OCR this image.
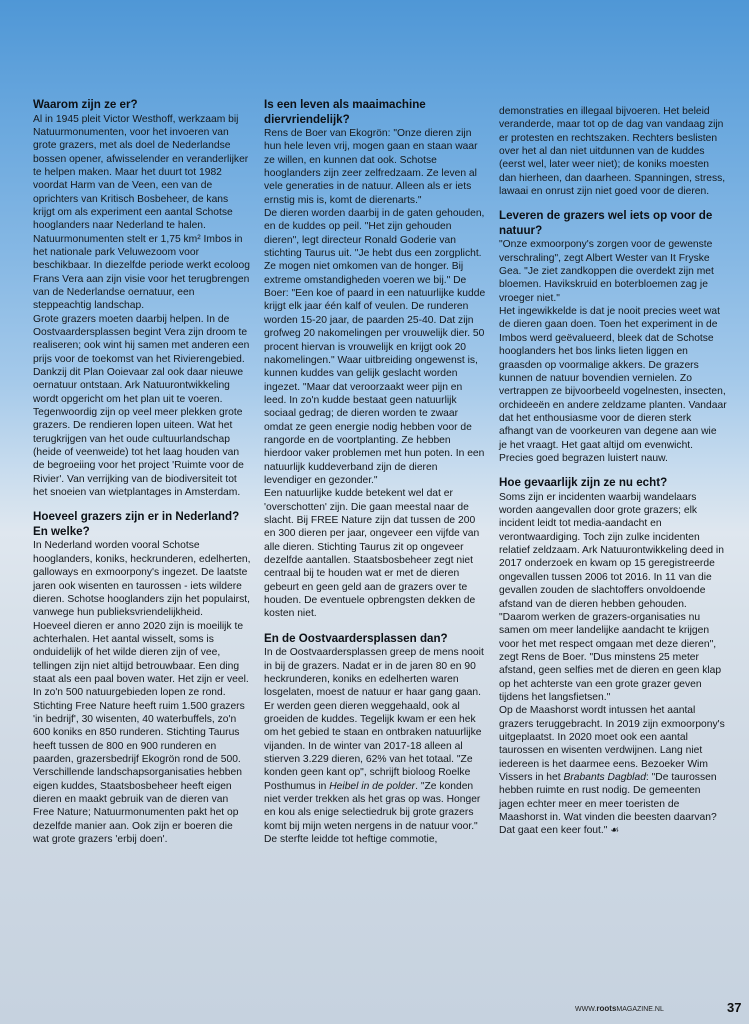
Waarom zijn ze er?

Al in 1945 pleit Victor Westhoff, werkzaam bij Natuurmonumenten, voor het invoeren van grote grazers, met als doel de Nederlandse bossen opener, afwisselender en veranderlijker te helpen maken. Maar het duurt tot 1982 voordat Harm van de Veen, een van de oprichters van Kritisch Bosbeheer, de kans krijgt om als experiment een aantal Schotse hooglanders naar Nederland te halen. Natuurmonumenten stelt er 1,75 km² Imbos in het nationale park Veluwezoom voor beschikbaar. In diezelfde periode werkt ecoloog Frans Vera aan zijn visie voor het terugbrengen van de Nederlandse oernatuur, een steppeachtig landschap.

Grote grazers moeten daarbij helpen. In de Oostvaardersplassen begint Vera zijn droom te realiseren; ook wint hij samen met anderen een prijs voor de toekomst van het Rivierengebied. Dankzij dit Plan Ooievaar zal ook daar nieuwe oernatuur ontstaan. Ark Natuurontwikkeling wordt opgericht om het plan uit te voeren.

Tegenwoordig zijn op veel meer plekken grote grazers. De rendieren lopen uiteen. Wat het terugkrijgen van het oude cultuurlandschap (heide of veenweide) tot het laag houden van de begroeiing voor het project 'Ruimte voor de Rivier'. Van verrijking van de biodiversiteit tot het snoeien van wietplantages in Amsterdam.

Hoeveel grazers zijn er in Nederland? En welke?

In Nederland worden vooral Schotse hooglanders, koniks, heckrunderen, edelherten, galloways en exmoorpony's ingezet. De laatste jaren ook wisenten en taurossen - iets wildere dieren. Schotse hooglanders zijn het populairst, vanwege hun publieksvriendelijkheid.

Hoeveel dieren er anno 2020 zijn is moeilijk te achterhalen. Het aantal wisselt, soms is onduidelijk of het wilde dieren zijn of vee, tellingen zijn niet altijd betrouwbaar. Een ding staat als een paal boven water. Het zijn er veel. In zo'n 500 natuurgebieden lopen ze rond. Stichting Free Nature heeft ruim 1.500 grazers 'in bedrijf', 30 wisenten, 40 waterbuffels, zo'n 600 koniks en 850 runderen. Stichting Taurus heeft tussen de 800 en 900 runderen en paarden, grazersbedrijf Ekogrön rond de 500. Verschillende landschapsorganisaties hebben eigen kuddes, Staatsbosbeheer heeft eigen dieren en maakt gebruik van de dieren van Free Nature; Natuurmonumenten pakt het op dezelfde manier aan. Ook zijn er boeren die wat grote grazers 'erbij doen'.

Is een leven als maaimachine diervriendelijk?

Rens de Boer van Ekogrön: "Onze dieren zijn hun hele leven vrij, mogen gaan en staan waar ze willen, en kunnen dat ook. Schotse hooglanders zijn zeer zelfredzaam. Ze leven al vele generaties in de natuur. Alleen als er iets ernstig mis is, komt de dierenarts."

De dieren worden daarbij in de gaten gehouden, en de kuddes op peil. "Het zijn gehouden dieren", legt directeur Ronald Goderie van stichting Taurus uit. "Je hebt dus een zorgplicht. Ze mogen niet omkomen van de honger. Bij extreme omstandigheden voeren we bij." De Boer: "Een koe of paard in een natuurlijke kudde krijgt elk jaar één kalf of veulen. De runderen worden 15-20 jaar, de paarden 25-40. Dat zijn grofweg 20 nakomelingen per vrouwelijk dier. 50 procent hiervan is vrouwelijk en krijgt ook 20 nakomelingen." Waar uitbreiding ongewenst is, kunnen kuddes van gelijk geslacht worden ingezet. "Maar dat veroorzaakt weer pijn en leed. In zo'n kudde bestaat geen natuurlijk sociaal gedrag; de dieren worden te zwaar omdat ze geen energie nodig hebben voor de rangorde en de voortplanting. Ze hebben hierdoor vaker problemen met hun poten. In een natuurlijk kuddeverband zijn de dieren levendiger en gezonder."

Een natuurlijke kudde betekent wel dat er 'overschotten' zijn. Die gaan meestal naar de slacht. Bij FREE Nature zijn dat tussen de 200 en 300 dieren per jaar, ongeveer een vijfde van alle dieren. Stichting Taurus zit op ongeveer dezelfde aantallen. Staatsbosbeheer zegt niet centraal bij te houden wat er met de dieren gebeurt en geen geld aan de grazers over te houden. De eventuele opbrengsten dekken de kosten niet.

En de Oostvaardersplassen dan?

In de Oostvaardersplassen greep de mens nooit in bij de grazers. Nadat er in de jaren 80 en 90 heckrunderen, koniks en edelherten waren losgelaten, moest de natuur er haar gang gaan. Er werden geen dieren weggehaald, ook al groeiden de kuddes. Tegelijk kwam er een hek om het gebied te staan en ontbraken natuurlijke vijanden. In de winter van 2017-18 alleen al stierven 3.229 dieren, 62% van het totaal. "Ze konden geen kant op", schrijft bioloog Roelke Posthumus in Heibel in de polder. "Ze konden niet verder trekken als het gras op was. Honger en kou als enige selectiedruk bij grote grazers komt bij mijn weten nergens in de natuur voor." De sterfte leidde tot heftige commotie,

demonstraties en illegaal bijvoeren. Het beleid veranderde, maar tot op de dag van vandaag zijn er protesten en rechtszaken. Rechters beslisten over het al dan niet uitdunnen van de kuddes (eerst wel, later weer niet); de koniks moesten dan hierheen, dan daarheen. Spanningen, stress, lawaai en onrust zijn niet goed voor de dieren.

Leveren de grazers wel iets op voor de natuur?

"Onze exmoorpony's zorgen voor de gewenste verschraling", zegt Albert Wester van It Fryske Gea. "Je ziet zandkoppen die overdekt zijn met bloemen. Havikskruid en boterbloemen zag je vroeger niet."

Het ingewikkelde is dat je nooit precies weet wat de dieren gaan doen. Toen het experiment in de Imbos werd geëvalueerd, bleek dat de Schotse hooglanders het bos links lieten liggen en graasden op voormalige akkers. De grazers kunnen de natuur bovendien vernielen. Zo vertrappen ze bijvoorbeeld vogelnesten, insecten, orchideeën en andere zeldzame planten. Vandaar dat het enthousiasme voor de dieren sterk afhangt van de voorkeuren van degene aan wie je het vraagt. Het gaat altijd om evenwicht. Precies goed begrazen luistert nauw.

Hoe gevaarlijk zijn ze nu echt?

Soms zijn er incidenten waarbij wandelaars worden aangevallen door grote grazers; elk incident leidt tot media-aandacht en verontwaardiging. Toch zijn zulke incidenten relatief zeldzaam. Ark Natuurontwikkeling deed in 2017 onderzoek en kwam op 15 geregistreerde ongevallen tussen 2006 tot 2016. In 11 van die gevallen zouden de slachtoffers onvoldoende afstand van de dieren hebben gehouden. "Daarom werken de grazers-organisaties nu samen om meer landelijke aandacht te krijgen voor het met respect omgaan met deze dieren", zegt Rens de Boer. "Dus minstens 25 meter afstand, geen selfies met de dieren en geen klap op het achterste van een grote grazer geven tijdens het langsfietsen."

Op de Maashorst wordt intussen het aantal grazers teruggebracht. In 2019 zijn exmoorpony's uitgeplaatst. In 2020 moet ook een aantal taurossen en wisenten verdwijnen. Lang niet iedereen is het daarmee eens. Bezoeker Wim Vissers in het Brabants Dagblad: "De taurossen hebben ruimte en rust nodig. De gemeenten jagen echter meer en meer toeristen de Maashorst in. Wat vinden die beesten daarvan? Dat gaat een keer fout." ☙

WWW.rootsMAGAZINE.NL	37
